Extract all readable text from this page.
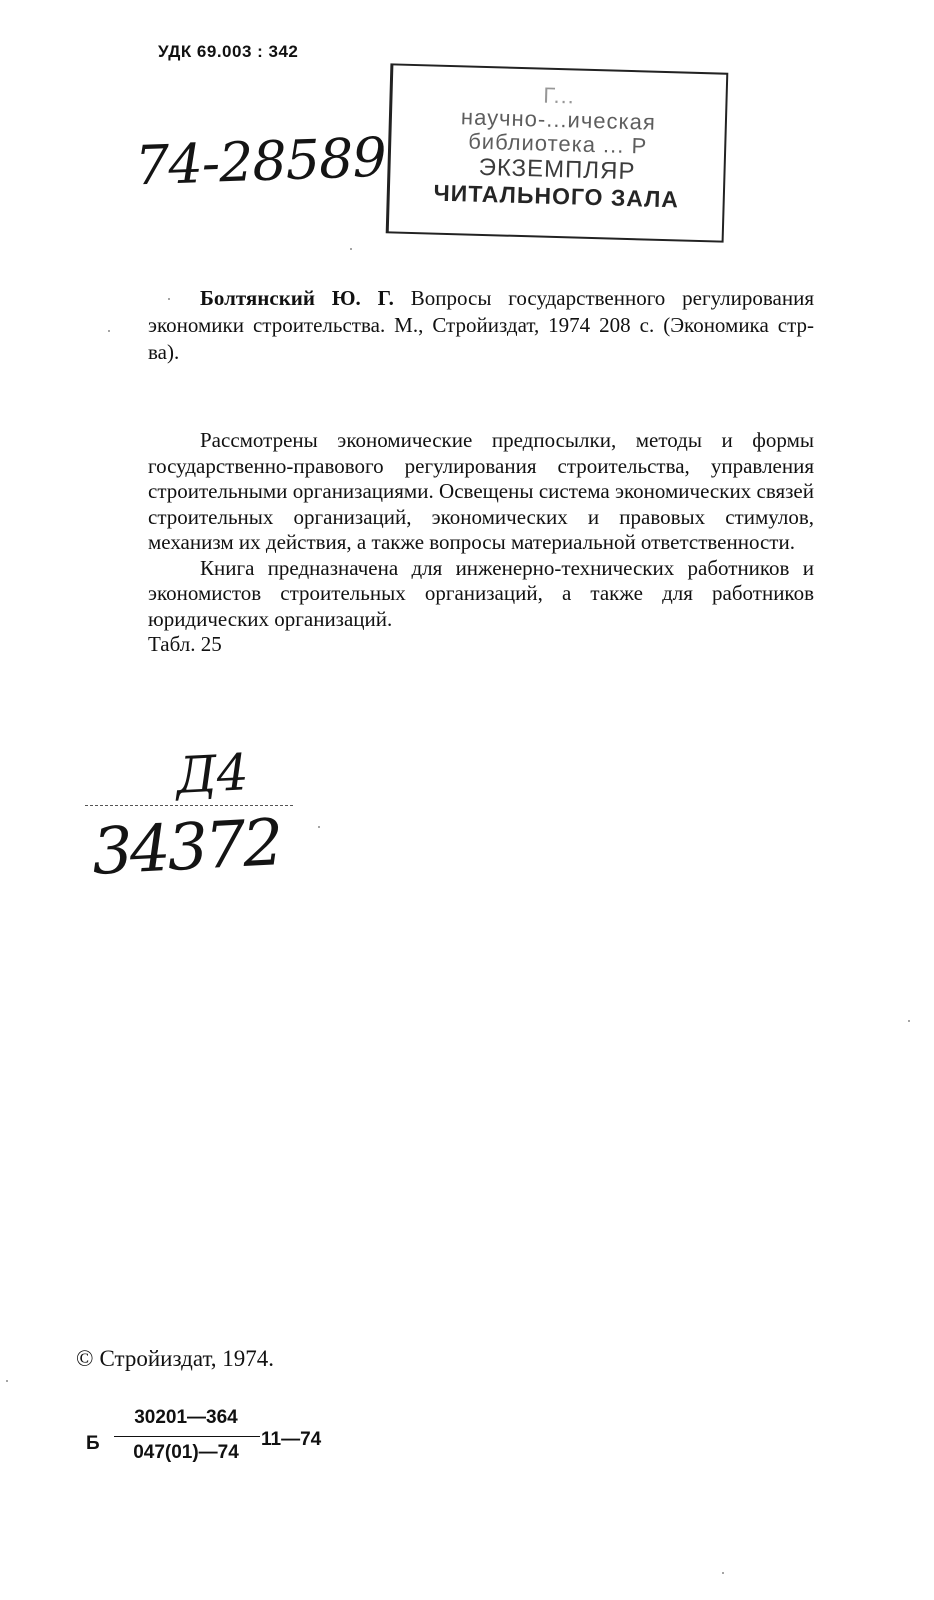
УДК 69.003 : 342
74-28589
Г...
научно-...ическая
библиотека ... Р
ЭКЗЕМПЛЯР
ЧИТАЛЬНОГО ЗАЛА
Болтянский Ю. Г. Вопросы государственного регулирования экономики строительства. М., Стройиздат, 1974 208 с. (Экономика стр-ва).

Рассмотрены экономические предпосылки, методы и формы государственно-правового регулирования строительства, управления строительными организациями. Освещены система экономических связей строительных организаций, экономических и правовых стимулов, механизм их действия, а также вопросы материальной ответственности.

Книга предназначена для инженерно-технических работников и экономистов строительных организаций, а также для работников юридических организаций.

Табл. 25
Д4
34372
© Стройиздат, 1974.
Б
30201—364
047(01)—74
11—74
